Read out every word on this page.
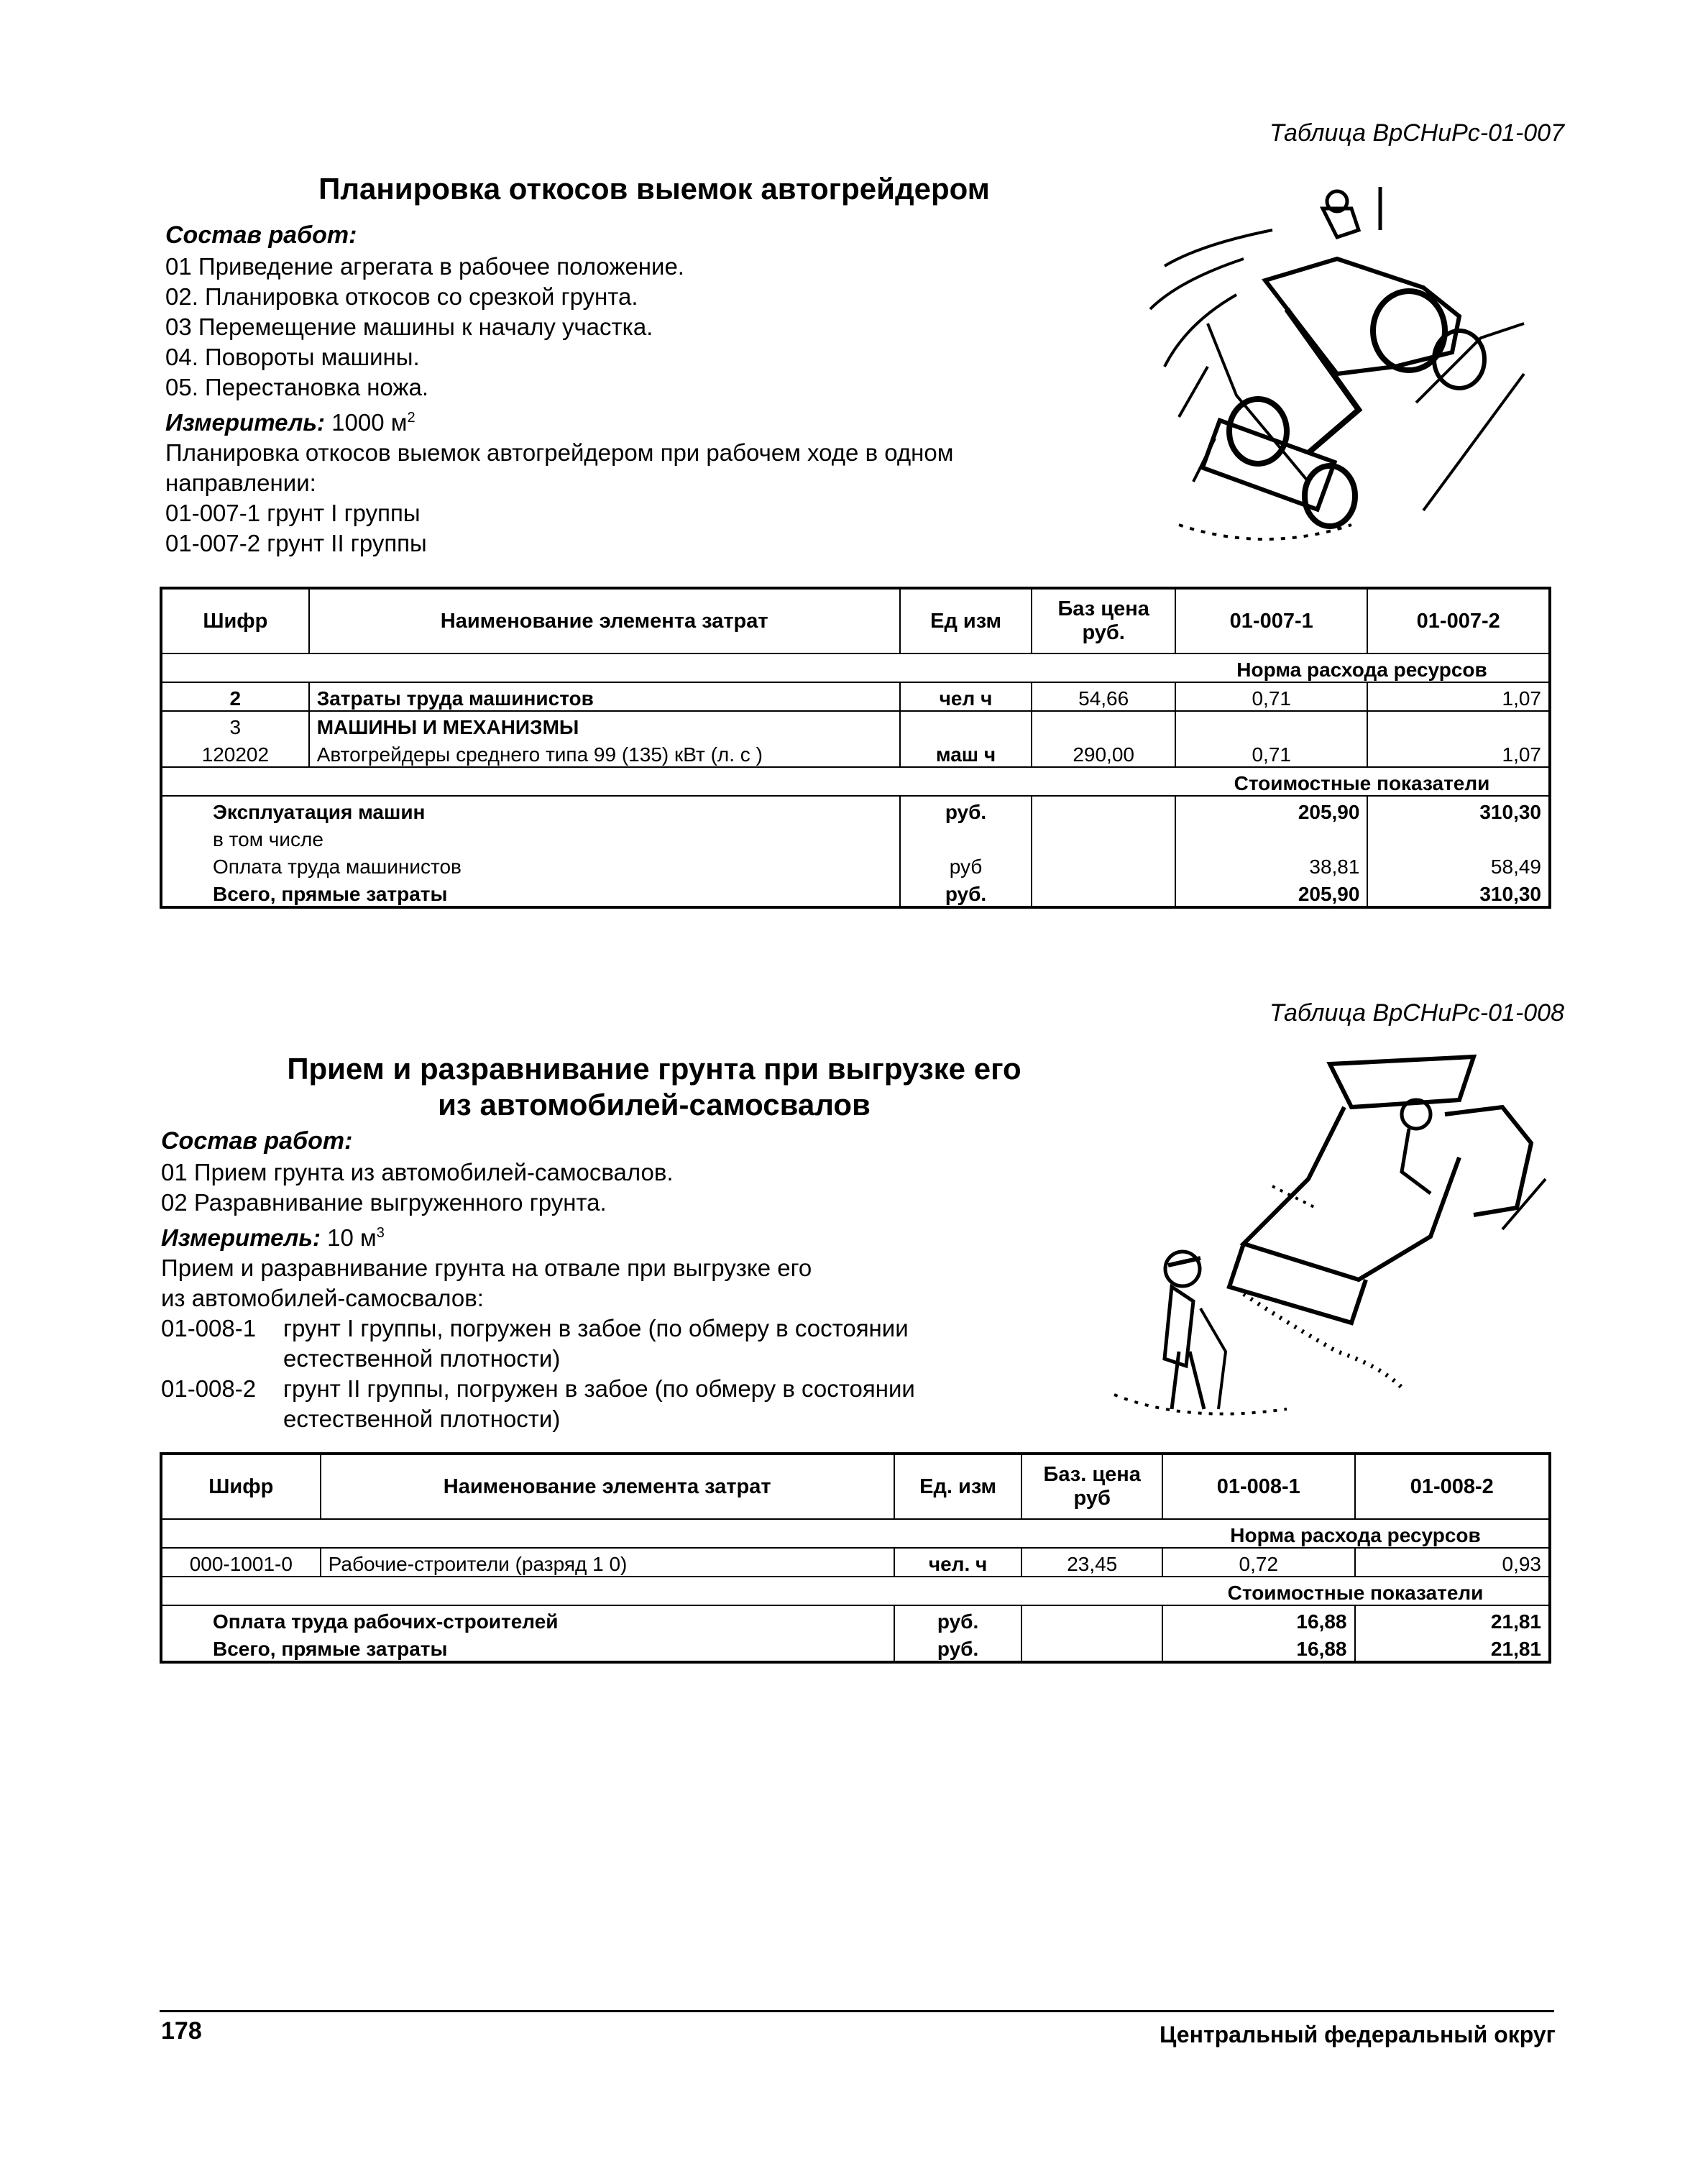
Таблица ВрСНиРс-01-007
Планировка откосов выемок автогрейдером
Состав работ:
01 Приведение агрегата в рабочее положение.
02. Планировка откосов со срезкой грунта.
03 Перемещение машины к началу участка.
04. Повороты машины.
05. Перестановка ножа.
Измеритель: 1000 $м^2$
Планировка откосов выемок автогрейдером при рабочем ходе в одном
направлении:
01-007-1 грунт I группы
01-007-2 грунт II группы
Шифр	Наименование элемента затрат	Ед изм	Баз цена руб.	01-007-1	01-007-2
				Норма расхода ресурсов	
2	Затраты труда машинистов	чел ч	54,66	0,71	1,07
3	МАШИНЫ И МЕХАНИЗМЫ				
120202	Автогрейдеры среднего типа 99 (135) кВт (л. с )	маш ч	290,00	0,71	1,07
				Стоимостные показатели	
Эксплуатация машин		руб.		205,90	310,30
в том числе					
Оплата труда машинистов		руб		38,81	58,49
Всего, прямые затраты		руб.		205,90	310,30
Таблица ВрСНиРс-01-008
Прием и разравнивание грунта при выгрузке его
из автомобилей-самосвалов
Состав работ:
01 Прием грунта из автомобилей-самосвалов.
02 Разравнивание выгруженного грунта.
Измеритель: 10 $м^3$
Прием и разравнивание грунта на отвале при выгрузке его
из автомобилей-самосвалов:
01-008-1 грунт I группы, погружен в забое (по обмеру в состоянии
естественной плотности)
01-008-2 грунт II группы, погружен в забое (по обмеру в состоянии
естественной плотности)
Шифр	Наименование элемента затрат	Ед. изм	Баз. цена руб	01-008-1	01-008-2
				Норма расхода ресурсов	
000-1001-0	Рабочие-строители (разряд 1 0)	чел. ч	23,45	0,72	0,93
				Стоимостные показатели	
Оплата труда рабочих-строителей		руб.		16,88	21,81
Всего, прямые затраты		руб.		16,88	21,81
178	Центральный федеральный округ
